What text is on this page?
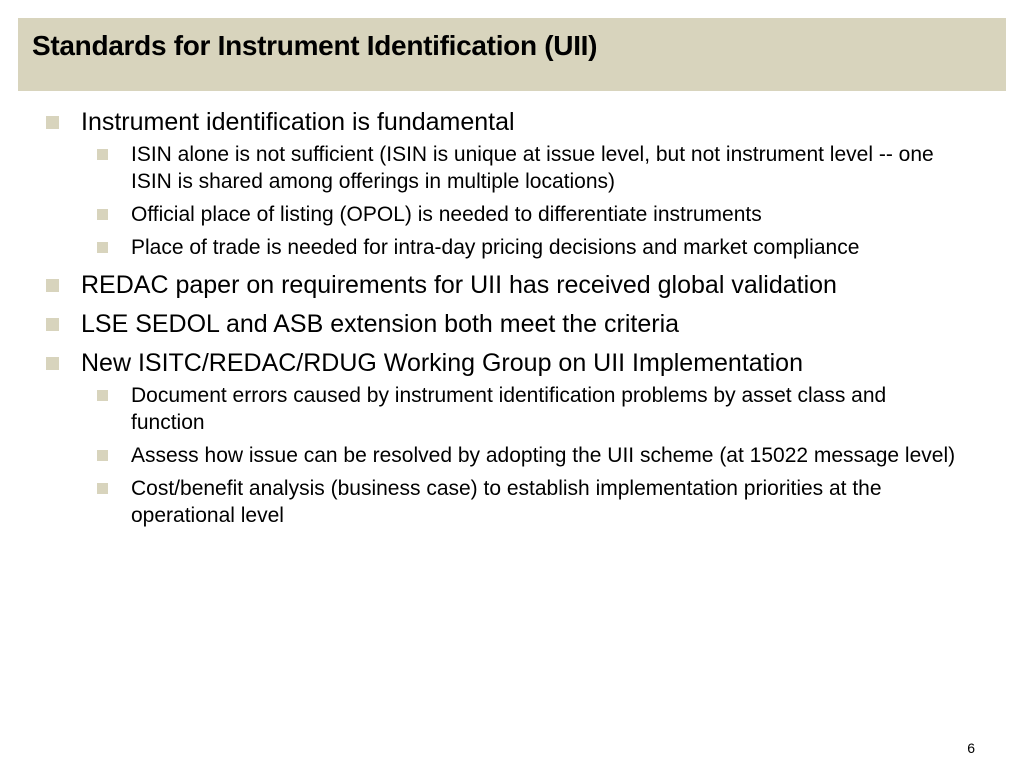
Standards for Instrument Identification (UII)
Instrument identification is fundamental
ISIN alone is not sufficient (ISIN is unique at issue level, but not instrument level -- one ISIN is shared among offerings in multiple locations)
Official place of listing (OPOL) is needed to differentiate instruments
Place of trade is needed for intra-day pricing decisions and market compliance
REDAC paper on requirements for UII has received global validation
LSE SEDOL and ASB extension both meet the criteria
New ISITC/REDAC/RDUG Working Group on UII Implementation
Document errors caused by instrument identification problems by asset class and function
Assess how issue can be resolved by adopting the UII scheme (at 15022 message level)
Cost/benefit analysis (business case) to establish implementation priorities at the operational level
6
